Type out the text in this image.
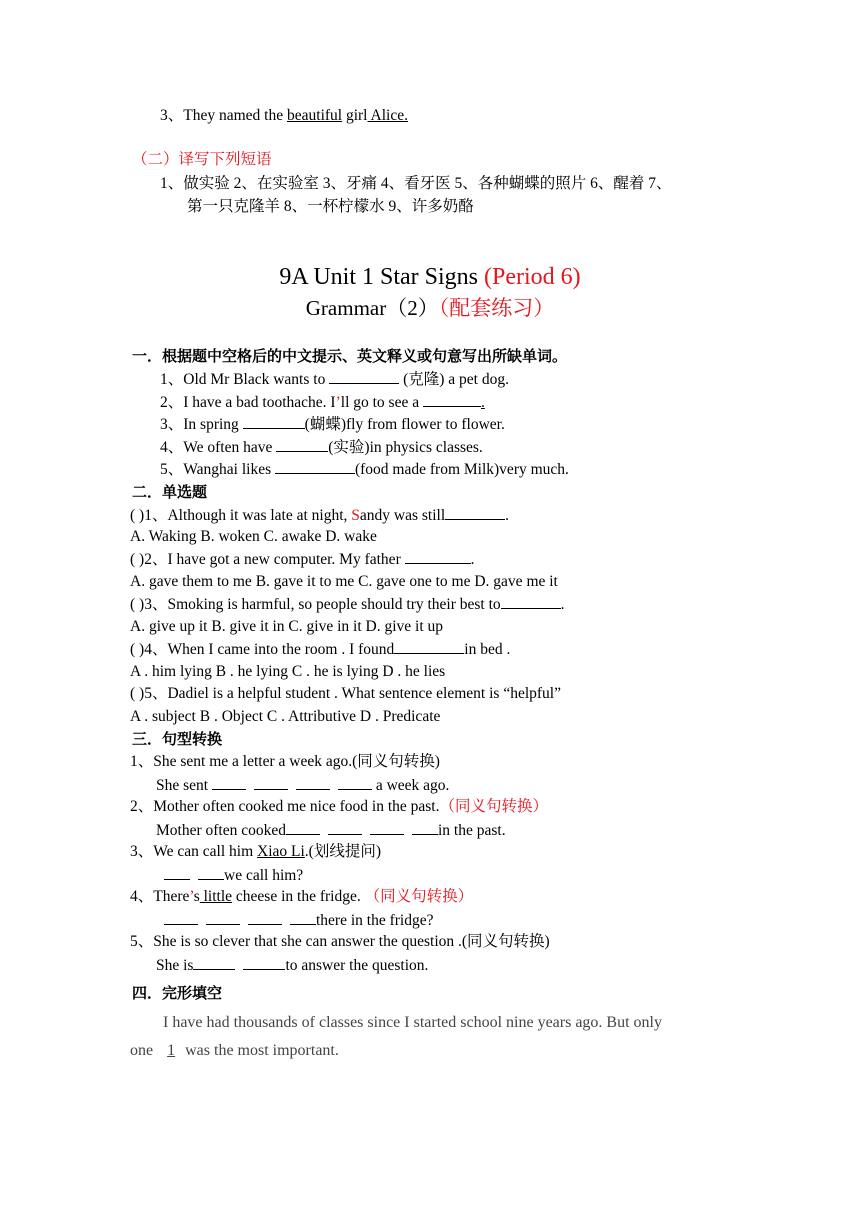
3、They named the beautiful girl Alice.
（二）译写下列短语
1、做实验 2、在实验室 3、牙痛 4、看牙医 5、各种蝴蝶的照片 6、醒着 7、
第一只克隆羊 8、一杯柠檬水 9、许多奶酪
9A Unit 1 Star Signs (Period 6)
Grammar（2）（配套练习）
一．根据题中空格后的中文提示、英文释义或句意写出所缺单词。
1、Old Mr Black wants to	(克隆) a pet dog.
2、I have a bad toothache. I’ll go to see a	.
3、In spring	(蝴蝶)fly from flower to flower.
4、We often have	(实验)in physics classes.
5、Wanghai likes	(food made from Milk)very much.
二．单选题
( )1、Although it was late at night, Sandy was still	.
A. Waking B. woken C. awake D. wake
( )2、I have got a new computer. My father	.
A. gave them to me B. gave it to me C. gave one to me D. gave me it
( )3、Smoking is harmful, so people should try their best to	.
A. give up it B. give it in C. give in it D. give it up
( )4、When I came into the room . I found	in bed .
A . him lying B . he lying C . he is lying D . he lies
( )5、Dadiel is a helpful student . What sentence element is “helpful”
A . subject B . Object C . Attributive D . Predicate
三．句型转换
1、She sent me a letter a week ago.(同义句转换)
She sent	a week ago.
2、Mother often cooked me nice food in the past.（同义句转换）
Mother often cooked	in the past.
3、We can call him Xiao Li.(划线提问)
we call him?
4、There’s little cheese in the fridge. （同义句转换）
there in the fridge?
5、She is so clever that she can answer the question .(同义句转换)
She is	to answer the question.
四．完形填空
I have had thousands of classes since I started school nine years ago. But only
one 1 was the most important.
